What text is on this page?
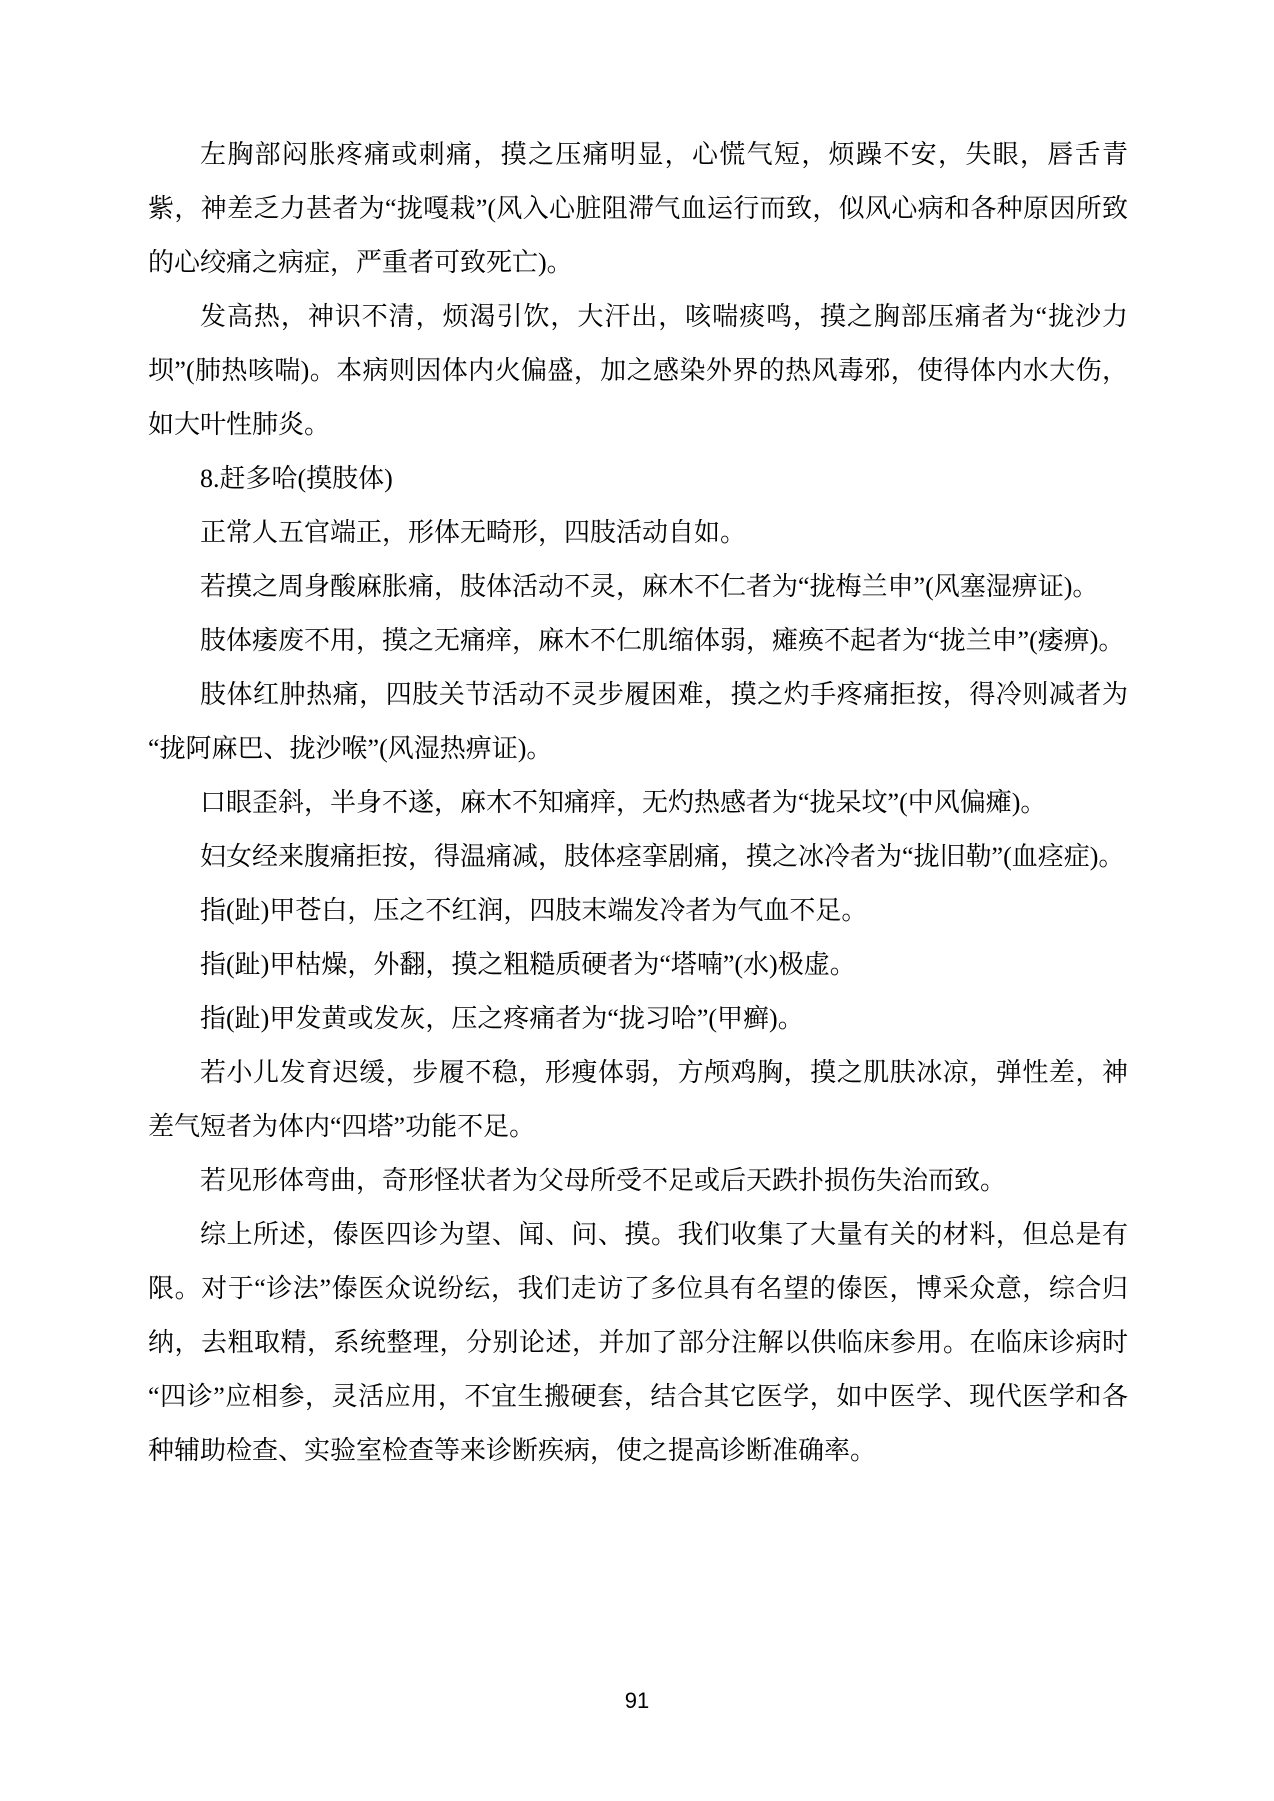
左胸部闷胀疼痛或刺痛，摸之压痛明显，心慌气短，烦躁不安，失眼，唇舌青紫，神差乏力甚者为“拢嘎栽”(风入心脏阻滞气血运行而致，似风心病和各种原因所致的心绞痛之病症，严重者可致死亡)。

发高热，神识不清，烦渴引饮，大汗出，咳喘痰鸣，摸之胸部压痛者为“拢沙力坝”(肺热咳喘)。本病则因体内火偏盛，加之感染外界的热风毒邪，使得体内水大伤，如大叶性肺炎。

8.赶多哈(摸肢体)

正常人五官端正，形体无畸形，四肢活动自如。

若摸之周身酸麻胀痛，肢体活动不灵，麻木不仁者为“拢梅兰申”(风塞湿痹证)。

肢体痿废不用，摸之无痛痒，麻木不仁肌缩体弱，瘫痪不起者为“拢兰申”(痿痹)。

肢体红肿热痛，四肢关节活动不灵步履困难，摸之灼手疼痛拒按，得冷则减者为“拢阿麻巴、拢沙喉”(风湿热痹证)。

口眼歪斜，半身不遂，麻木不知痛痒，无灼热感者为“拢呆坟”(中风偏瘫)。

妇女经来腹痛拒按，得温痛减，肢体痉挛剧痛，摸之冰冷者为“拢旧勒”(血痉症)。

指(趾)甲苍白，压之不红润，四肢末端发冷者为气血不足。

指(趾)甲枯燥，外翻，摸之粗糙质硬者为“塔喃”(水)极虚。

指(趾)甲发黄或发灰，压之疼痛者为“拢习哈”(甲癣)。

若小儿发育迟缓，步履不稳，形瘦体弱，方颅鸡胸，摸之肌肤冰凉，弹性差，神差气短者为体内“四塔”功能不足。

若见形体弯曲，奇形怪状者为父母所受不足或后天跌扑损伤失治而致。

综上所述，傣医四诊为望、闻、问、摸。我们收集了大量有关的材料，但总是有限。对于“诊法”傣医众说纷纭，我们走访了多位具有名望的傣医，博采众意，综合归纳，去粗取精，系统整理，分别论述，并加了部分注解以供临床参用。在临床诊病时“四诊”应相参，灵活应用，不宜生搬硬套，结合其它医学，如中医学、现代医学和各种辅助检查、实验室检查等来诊断疾病，使之提高诊断准确率。

91
